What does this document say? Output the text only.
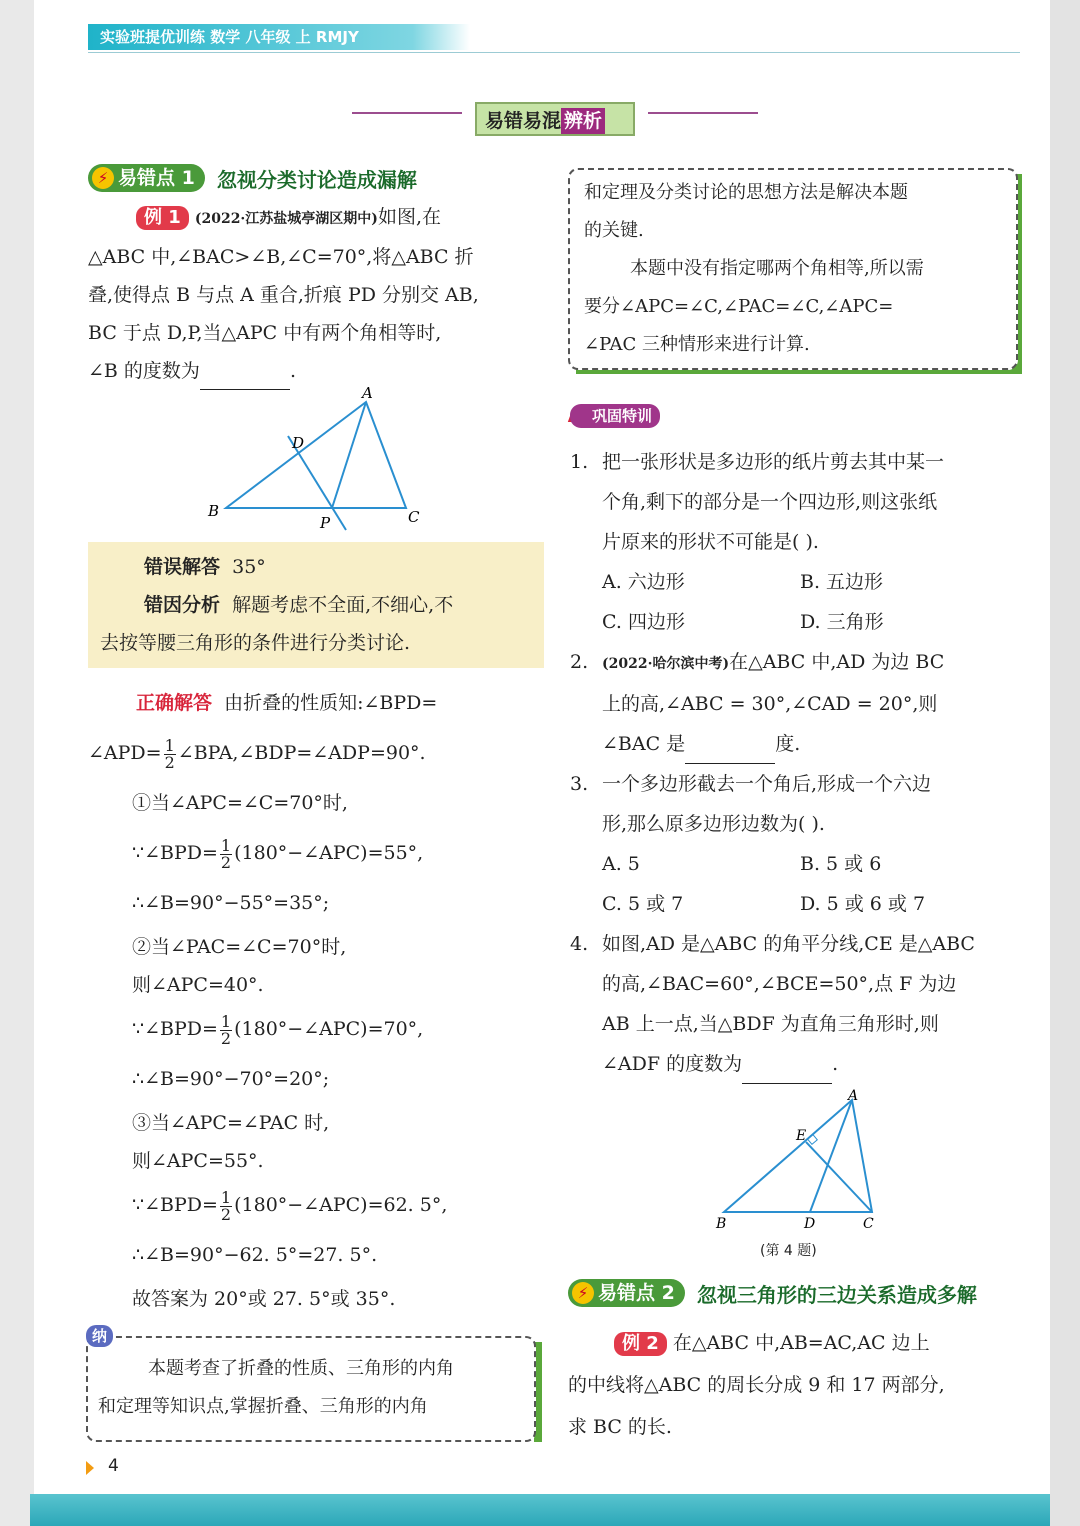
实验班提优训练 数学 八年级 上 RMJY
易错易混 辨析
⚡ 易错点 1 忽视分类讨论造成漏解
例 1 (2022·江苏盐城亭湖区期中)如图,在
△ABC 中,∠BAC>∠B,∠C=70°,将△ABC 折
叠,使得点 B 与点 A 重合,折痕 PD 分别交 AB,
BC 于点 D,P,当△APC 中有两个角相等时,
∠B 的度数为	.
A
B	C
D
P
错误解答 35°
错因分析 解题考虑不全面,不细心,不
去按等腰三角形的条件进行分类讨论.
正确解答 由折叠的性质知:∠BPD=
∠APD= $\frac{1}{2}$ ∠BPA,∠BDP=∠ADP=90°.
①当∠APC=∠C=70°时,
∵∠BPD= $\frac{1}{2}$ (180°−∠APC)=55°,
∴∠B=90°−55°=35°;
②当∠PAC=∠C=70°时,
则∠APC=40°.
∵∠BPD= $\frac{1}{2}$ (180°−∠APC)=70°,
∴∠B=90°−70°=20°;
③当∠APC=∠PAC 时,
则∠APC=55°.
∵∠BPD= $\frac{1}{2}$ (180°−∠APC)=62. 5°,
∴∠B=90°−62. 5°=27. 5°.
故答案为 20°或 27. 5°或 35°.
纳
本题考查了折叠的性质、三角形的内角
和定理等知识点,掌握折叠、三角形的内角
和定理及分类讨论的思想方法是解决本题
的关键.
本题中没有指定哪两个角相等,所以需
要分∠APC=∠C,∠PAC=∠C,∠APC=
∠PAC 三种情形来进行计算.
巩固特训
1. 把一张形状是多边形的纸片剪去其中某一
个角,剩下的部分是一个四边形,则这张纸
片原来的形状不可能是( ).
A. 六边形	B. 五边形
C. 四边形	D. 三角形
2. (2022·哈尔滨中考)在△ABC 中,AD 为边 BC
上的高,∠ABC = 30°,∠CAD = 20°,则
∠BAC 是	度.
3. 一个多边形截去一个角后,形成一个六边
形,那么原多边形边数为( ).
A. 5	B. 5 或 6
C. 5 或 7	D. 5 或 6 或 7
4. 如图,AD 是△ABC 的角平分线,CE 是△ABC
的高,∠BAC=60°,∠BCE=50°,点 F 为边
AB 上一点,当△BDF 为直角三角形时,则
∠ADF 的度数为	.
A
B	C
D
E
(第 4 题)
⚡ 易错点 2 忽视三角形的三边关系造成多解
例 2 在△ABC 中,AB=AC,AC 边上
的中线将△ABC 的周长分成 9 和 17 两部分,
求 BC 的长.
4
